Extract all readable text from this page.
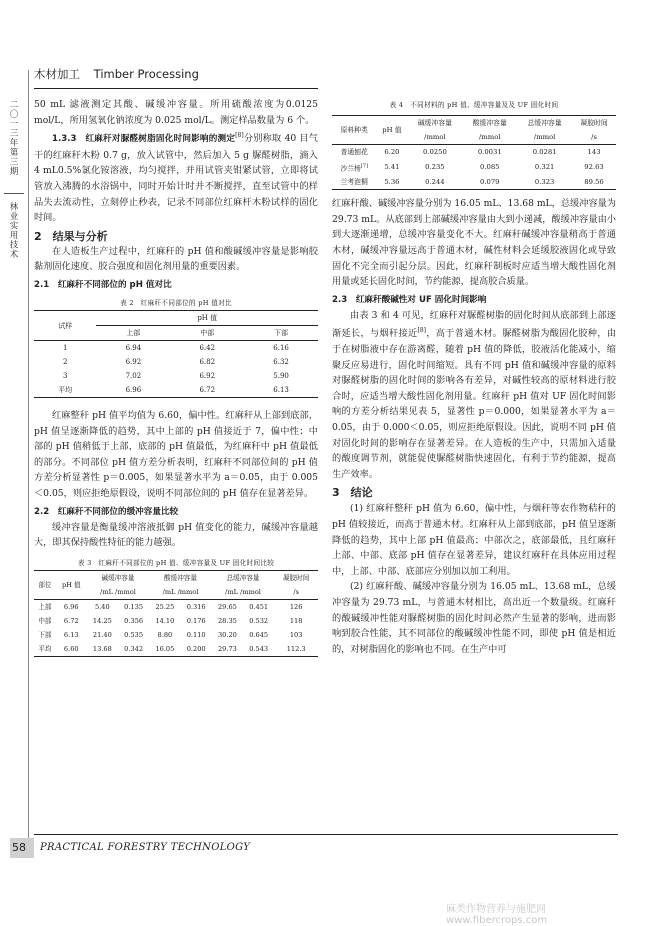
木材加工 Timber Processing
二〇一三年第三期
林业实用技术

50 mL 滤液测定其酸、碱缓冲容量。所用硫酸浓度为0.0125 mol/L，所用氢氧化钠浓度为 0.025 mol/L。测定样品数量为 6 个。

1.3.3　红麻秆对脲醛树脂固化时间影响的测定[8]分别称取 40 目气干的红麻秆木粉 0.7 g，放入试管中，然后加入 5 g 脲醛树脂，滴入 4 mL0.5%氯化铵溶液，均匀搅拌，并用试管夹钳紧试管，立即将试管放入沸腾的水浴锅中，同时开始计时并不断搅拌，直至试管中的样品失去流动性，立刻停止秒表，记录不同部位红麻杆木粉试样的固化时间。

2　结果与分析

在人造板生产过程中，红麻秆的 pH 值和酸碱缓冲容量是影响胶黏剂固化速度、胶合强度和固化剂用量的重要因素。

2.1　红麻秆不同部位的 pH 值对比
表 2　红麻秆不同部位的 pH 值对比
试样	pH 值		
	上部	中部	下部
1	6.94	6.42	6.16
2	6.92	6.82	6.32
3	7.02	6.92	5.90
平均	6.96	6.72	6.13

红麻整秆 pH 值平均值为 6.60，偏中性。红麻秆从上部到底部，pH 值呈逐渐降低的趋势，其中上部的 pH 值接近于 7，偏中性；中部的 pH 值稍低于上部，底部的 pH 值最低，为红麻秆中 pH 值最低的部分。不同部位 pH 值方差分析表明，红麻秆不同部位间的 pH 值方差分析显著性 p＝0.005，如果显著水平为 a＝0.05，由于 0.005＜0.05，则应拒绝原假设，说明不同部位间的 pH 值存在显著差异。

2.2　红麻秆不同部位的缓冲容量比较

缓冲容量是衡量缓冲溶液抵御 pH 值变化的能力，碱缓冲容量越大，即其保持酸性特征的能力越强。

表 3　红麻秆不同部位的 pH 值、缓冲容量及 UF 固化时间比较
部位	pH 值	碱缓冲容量		酸缓冲容量		总缓冲容量		凝胶时间
		/mL /mmol		/mL /mmol		/mL /mmol		/s
上部	6.96	5.40	0.135	25.25	0.316	29.65	0.451	126
中部	6.72	14.25	0.356	14.10	0.176	28.35	0.532	118
下部	6.13	21.40	0.535	8.80	0.110	30.20	0.645	103
平均	6.60	13.68	0.342	16.05	0.200	29.73	0.543	112.3
表 4　不同材料的 pH 值、缓冲容量及及 UF 固化时间
原料种类	pH 值	碱缓冲容量	酸缓冲容量	总缓冲容量	凝胶时间
		/mmol	/mmol	/mmol	/s
普通刨花	6.20	0.0250	0.0031	0.0281	143
沙兰杨[7]	5.41	0.235	0.085	0.321	92.63
兰考泡桐	5.36	0.244	0.079	0.323	89.56

红麻秆酸、碱缓冲容量分别为 16.05 mL、13.68 mL，总缓冲容量为 29.73 mL。从底部到上部碱缓冲容量由大到小递减，酸缓冲容量由小到大逐渐递增，总缓冲容量变化不大。红麻秆碱缓冲容量稍高于普通木材，碱缓冲容量远高于普通木材，碱性材料会延缓胶液固化或导致固化不完全而引起分层。因此，红麻秆制板时应适当增大酸性固化剂用量或延长固化时间，节约能源，提高胶合质量。

2.3　红麻秆酸碱性对 UF 固化时间影响

由表 3 和 4 可见，红麻秆对脲醛树脂的固化时间从底部到上部逐渐延长，与烟秆接近[8]，高于普通木材。脲醛树脂为酸固化胶种，由于在树脂液中存在游离醛，随着 pH 值的降低，胶液活化能减小，缩聚反应易进行，固化时间缩短。具有不同 pH 值和碱缓冲容量的原料对脲醛树脂的固化时间的影响各有差异，对碱性较高的原材料进行胶合时，应适当增大酸性固化剂用量。红麻秆 pH 值对 UF 固化时间影响的方差分析结果见表 5，显著性 p＝0.000，如果显著水平为 a＝0.05，由于 0.000＜0.05，则应拒绝原假设。因此，说明不同 pH 值对固化时间的影响存在显著差异。在人造板的生产中，只需加入适量的酸度调节剂，就能促使脲醛树脂快速固化，有利于节约能源，提高生产效率。

3　结论

(1) 红麻秆整秆 pH 值为 6.60，偏中性，与烟秆等农作物秸秆的 pH 值较接近，而高于普通木材。红麻秆从上部到底部，pH 值呈逐渐降低的趋势，其中上部 pH 值最高；中部次之，底部最低，且红麻秆上部、中部、底部 pH 值存在显著差异，建议红麻秆在具体应用过程中，上部、中部、底部应分别加以加工利用。

(2) 红麻秆酸、碱缓冲容量分别为 16.05 mL、13.68 mL，总缓冲容量为 29.73 mL，与普通木材相比，高出近一个数量级。红麻秆的酸碱缓冲性能对脲醛树脂的固化时间必然产生显著的影响，进而影响到胶合性能，其不同部位的酸碱缓冲性能不同，即使 pH 值是相近的，对树脂固化的影响也不同。在生产中可

58 PRACTICAL FORESTRY TECHNOLOGY
麻类作物营养与施肥网 www.fibercrops.com
